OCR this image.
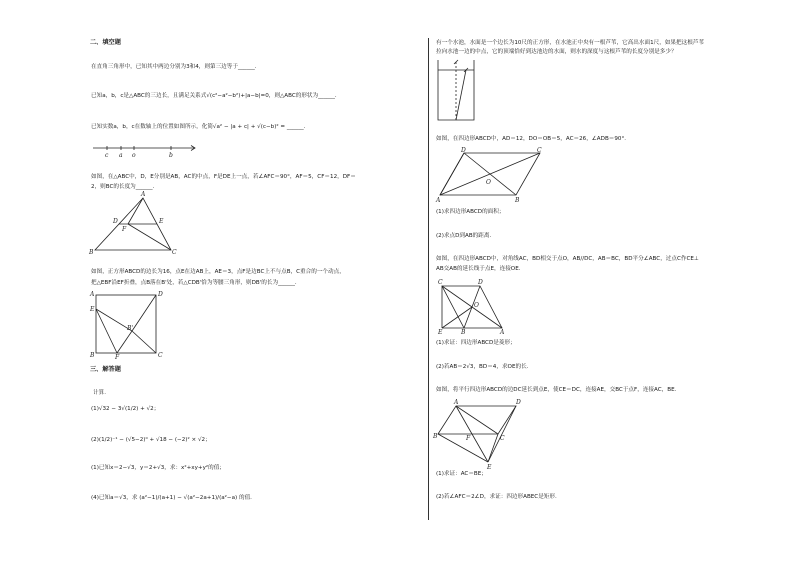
二、填空题
在直角三角形中，已知其中两边分别为3和4，则第三边等于______.
已知a，b，c是△ABC的三边长，且满足关系式√(c²−a²−b²)+|a−b|=0，则△ABC的形状为______.
已知实数a，b，c在数轴上的位置如图所示，化简√a² − |a + c| + √(c−b)² = ______.
c a o	b
如图，在△ABC中，D，E分别是AB，AC的中点，F是DE上一点，若∠AFC＝90°，AF＝5，CF＝12，DF＝
2，则BC的长度为______.
A
D	E
F
B	C
如图，正方形ABCD的边长为16，点E在边AB上，AE＝3，点F是边BC上不与点B，C重合的一个动点，
把△EBF沿EF折叠，点B落在B'处，若△CDB'恰为等腰三角形，则DB'的长为______.
A	D
E
B'
B	F	C
三、解答题
计算.
(1)√32 − 3√(1/2) + √2；
(2)(1/2)⁻¹ − (√5−2)⁰ + √18 − (−2)² × √2；
(1)已知x＝2−√3，y＝2+√3，求：x²+xy+y²的值；
(4)已知a＝√3，求 (a²−1)/(a+1) − √(a²−2a+1)/(a²−a) 的值.
有一个水池，水面是一个边长为10尺的正方形，在水池正中央有一根芦苇，它高出水面1尺，如果把这根芦苇
拉向水池一边的中点，它的顶端恰好到达池边的水面，则水的深度与这根芦苇的长度分别是多少？
如图，在四边形ABCD中，AD＝12，DO＝OB＝5，AC＝26，∠ADB＝90°.
D	C
O
A	B
(1)求四边形ABCD的面积；
(2)求点D到AB的距离.
如图，在四边形ABCD中，对角线AC，BD相交于点O，AB//DC，AB＝BC，BD平分∠ABC，过点C作CE⊥
AB交AB的延长线于点E，连接OE.
C	D
O
E	B	A
(1)求证：四边形ABCD是菱形；
(2)若AB＝2√3，BD＝4，求OE的长.
如图，将平行四边形ABCD的边DC延长到点E，使CE＝DC，连接AE，交BC于点F，连接AC，BE.
A	D
B	F	C
E
(1)求证：AC＝BE；
(2)若∠AFC＝2∠D，求证：四边形ABEC是矩形.
